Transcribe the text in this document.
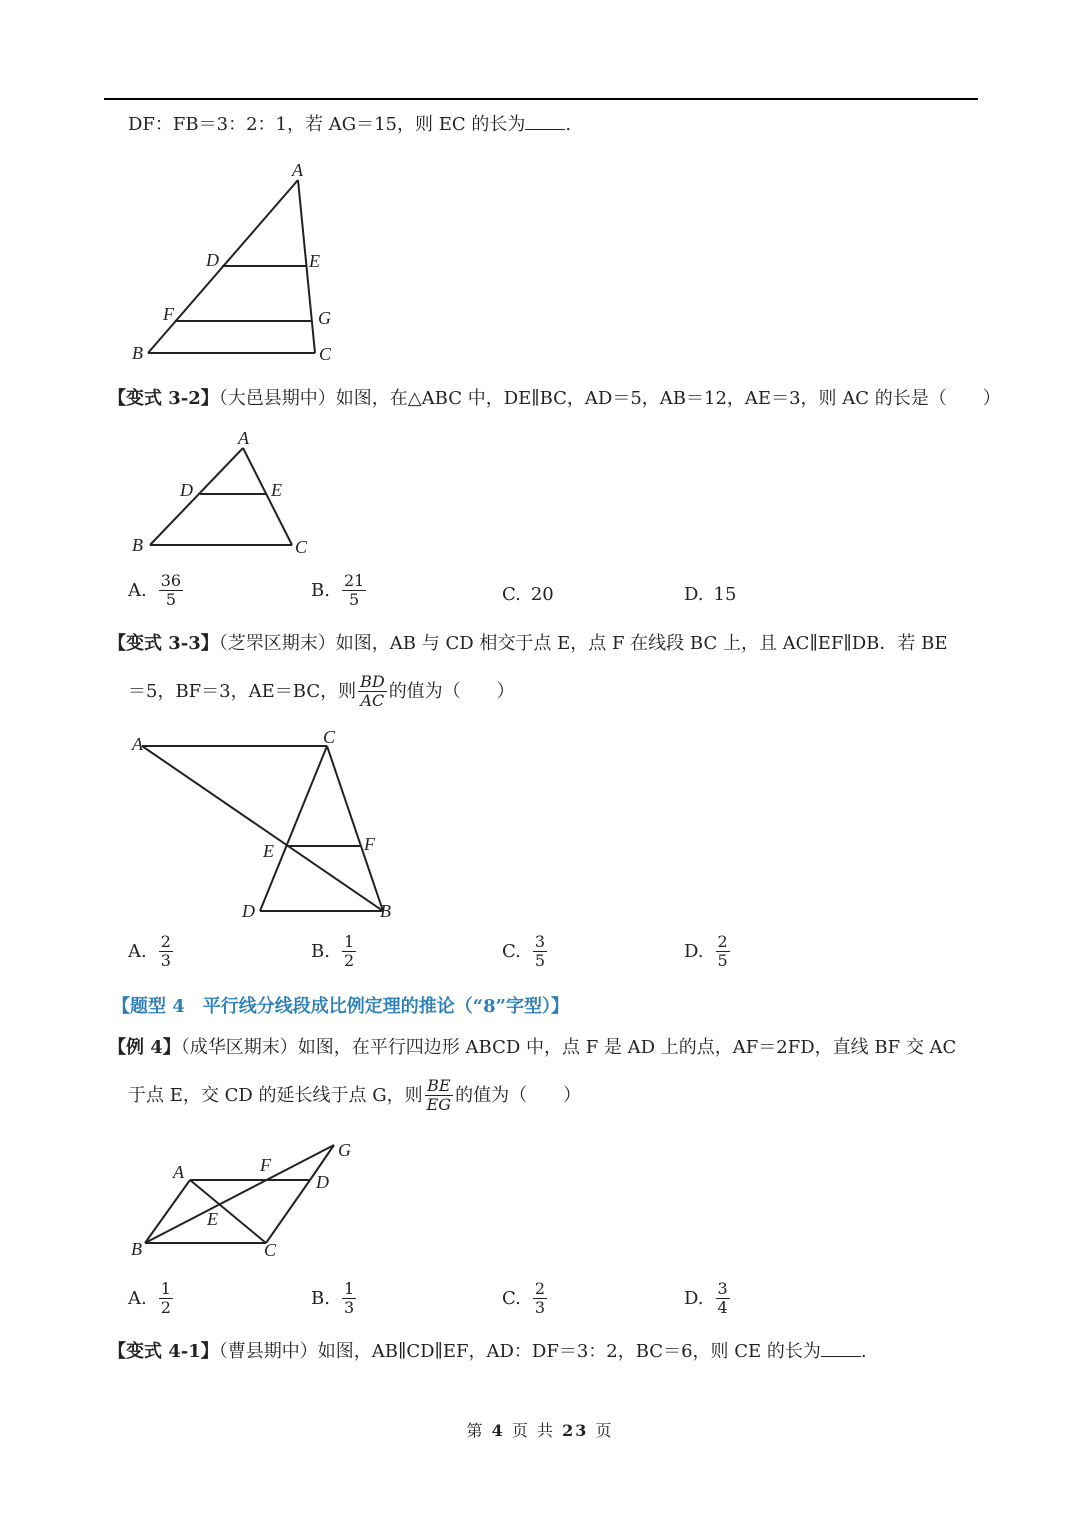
DF：FB＝3：2：1，若 AG＝15，则 EC 的长为 .
A
D	E
F	G
B	C
【变式 3-2】（大邑县期中）如图，在△ABC 中，DE∥BC，AD＝5，AB＝12，AE＝3，则 AC 的长是（　　）
A
D	E
B	C
A. $\frac{36}{5}$	B. $\frac{21}{5}$	C. 20	D. 15
【变式 3-3】（芝罘区期末）如图，AB 与 CD 相交于点 E，点 F 在线段 BC 上，且 AC∥EF∥DB．若 BE
＝5，BF＝3，AE＝BC，则 $\frac{BD}{AC}$ 的值为（　　）
A	C
E	F
D	B
A. $\frac{2}{3}$	B. $\frac{1}{2}$	C. $\frac{3}{5}$	D. $\frac{2}{5}$
【题型 4　平行线分线段成比例定理的推论（“8”字型）】
【例 4】（成华区期末）如图，在平行四边形 ABCD 中，点 F 是 AD 上的点，AF＝2FD，直线 BF 交 AC
于点 E，交 CD 的延长线于点 G，则 $\frac{BE}{EG}$ 的值为（　　）
A	F
G
D
E
B	C
A. $\frac{1}{2}$	B. $\frac{1}{3}$	C. $\frac{2}{3}$	D. $\frac{3}{4}$
【变式 4-1】（曹县期中）如图，AB∥CD∥EF，AD：DF＝3：2，BC＝6，则 CE 的长为 .
第 4 页 共 23 页
